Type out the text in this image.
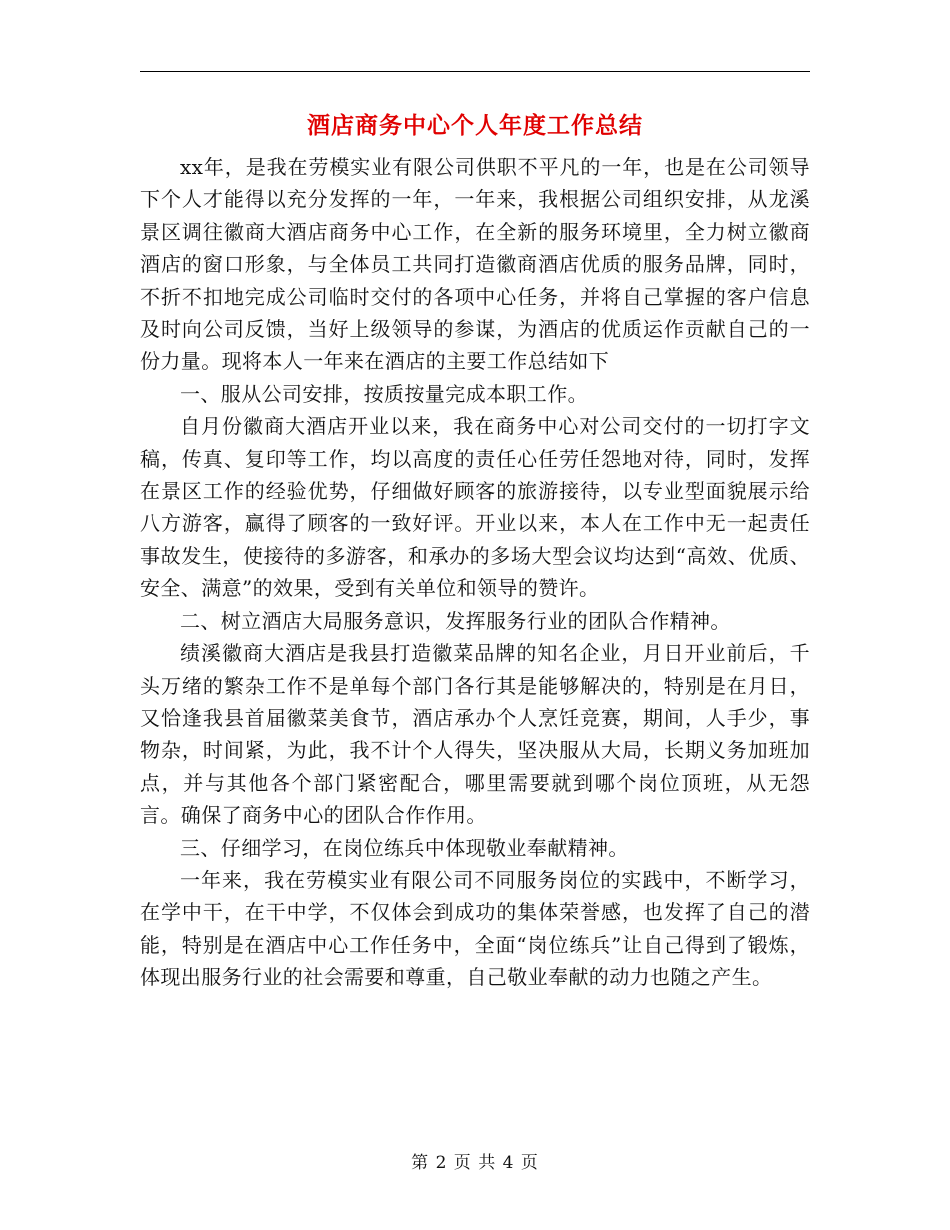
酒店商务中心个人年度工作总结

xx年，是我在劳模实业有限公司供职不平凡的一年，也是在公司领导下个人才能得以充分发挥的一年，一年来，我根据公司组织安排，从龙溪景区调往徽商大酒店商务中心工作，在全新的服务环境里，全力树立徽商酒店的窗口形象，与全体员工共同打造徽商酒店优质的服务品牌，同时，不折不扣地完成公司临时交付的各项中心任务，并将自己掌握的客户信息及时向公司反馈，当好上级领导的参谋，为酒店的优质运作贡献自己的一份力量。现将本人一年来在酒店的主要工作总结如下

一、服从公司安排，按质按量完成本职工作。

自月份徽商大酒店开业以来，我在商务中心对公司交付的一切打字文稿，传真、复印等工作，均以高度的责任心任劳任怨地对待，同时，发挥在景区工作的经验优势，仔细做好顾客的旅游接待，以专业型面貌展示给八方游客，赢得了顾客的一致好评。开业以来，本人在工作中无一起责任事故发生，使接待的多游客，和承办的多场大型会议均达到“高效、优质、安全、满意”的效果，受到有关单位和领导的赞许。

二、树立酒店大局服务意识，发挥服务行业的团队合作精神。

绩溪徽商大酒店是我县打造徽菜品牌的知名企业，月日开业前后，千头万绪的繁杂工作不是单每个部门各行其是能够解决的，特别是在月日，又恰逢我县首届徽菜美食节，酒店承办个人烹饪竞赛，期间，人手少，事物杂，时间紧，为此，我不计个人得失，坚决服从大局，长期义务加班加点，并与其他各个部门紧密配合，哪里需要就到哪个岗位顶班，从无怨言。确保了商务中心的团队合作作用。

三、仔细学习，在岗位练兵中体现敬业奉献精神。

一年来，我在劳模实业有限公司不同服务岗位的实践中，不断学习，在学中干，在干中学，不仅体会到成功的集体荣誉感，也发挥了自己的潜能，特别是在酒店中心工作任务中，全面“岗位练兵”让自己得到了锻炼，体现出服务行业的社会需要和尊重，自己敬业奉献的动力也随之产生。

第 2 页 共 4 页
